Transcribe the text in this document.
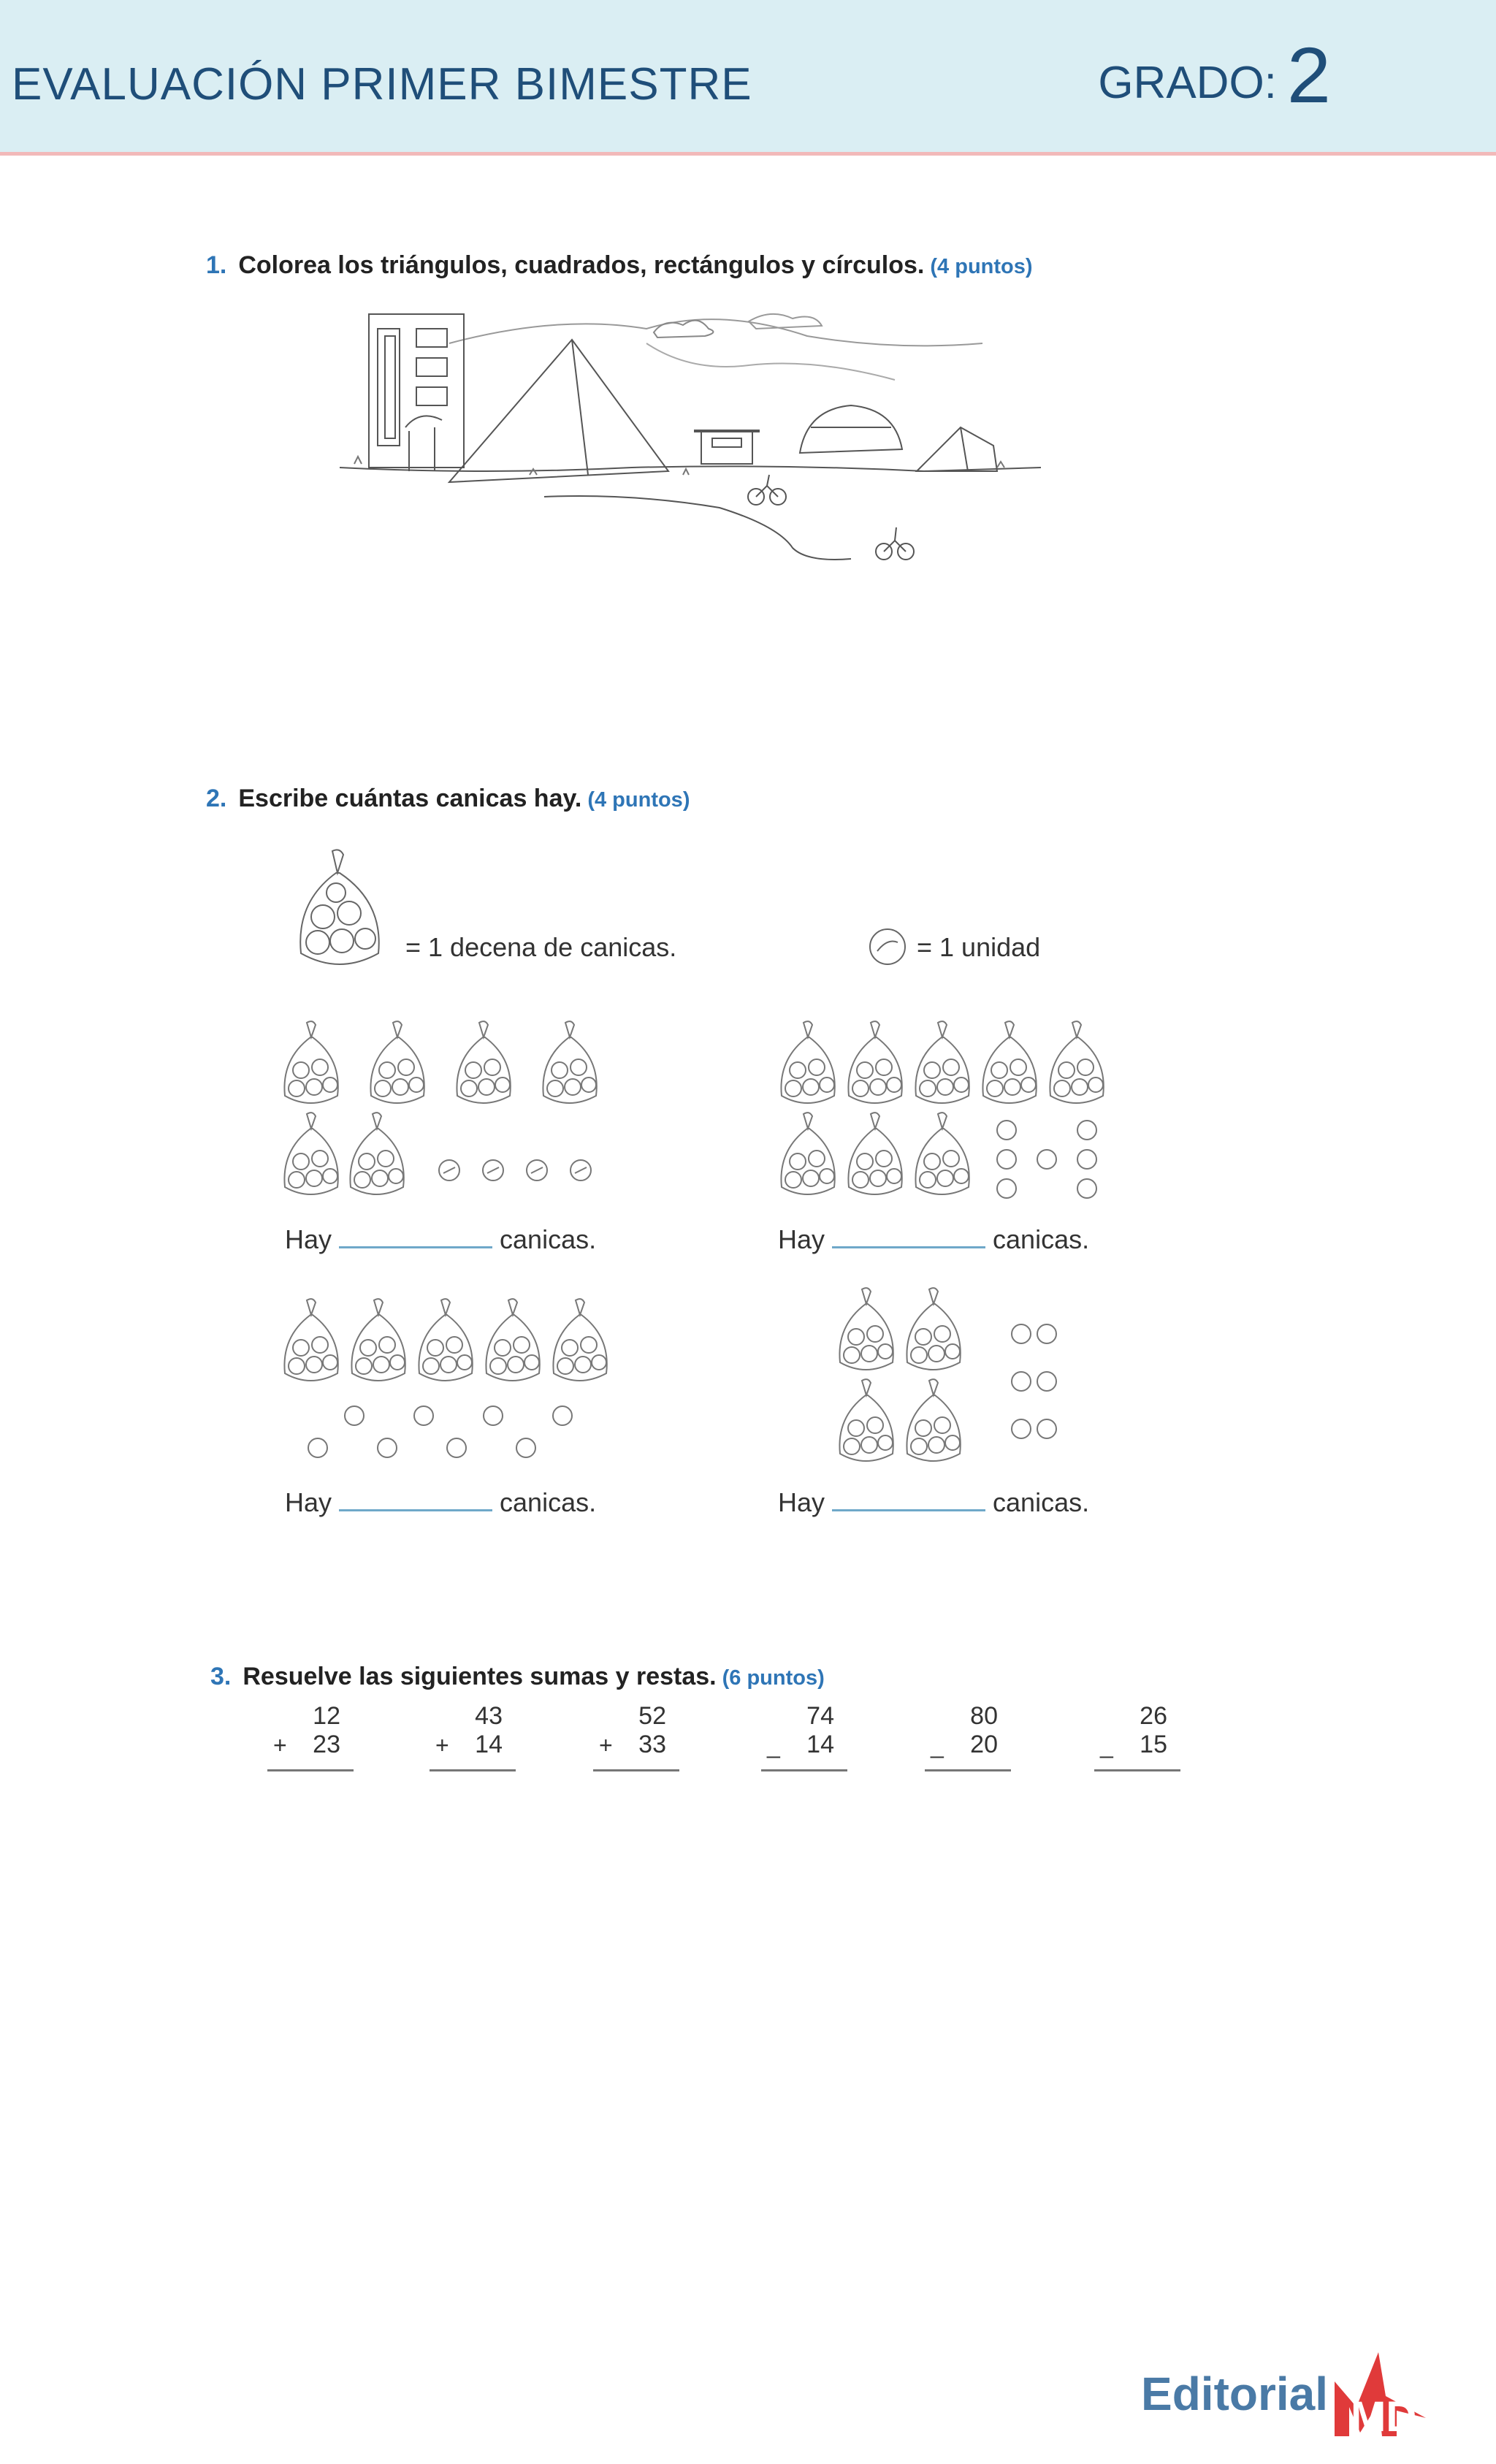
EVALUACIÓN PRIMER BIMESTRE	GRADO: 2
1. Colorea los triángulos, cuadrados, rectángulos y círculos. (4 puntos)
2. Escribe cuántas canicas hay. (4 puntos)
= 1 decena de canicas.	= 1 unidad
Hay	canicas.	Hay	canicas.
Hay	canicas.	Hay	canicas.
3. Resuelve las siguientes sumas y restas. (6 puntos)
12
+ 23
43
+ 14
52
+ 33
74
_ 14
80
_ 20
26
_ 15
Editorial MD
